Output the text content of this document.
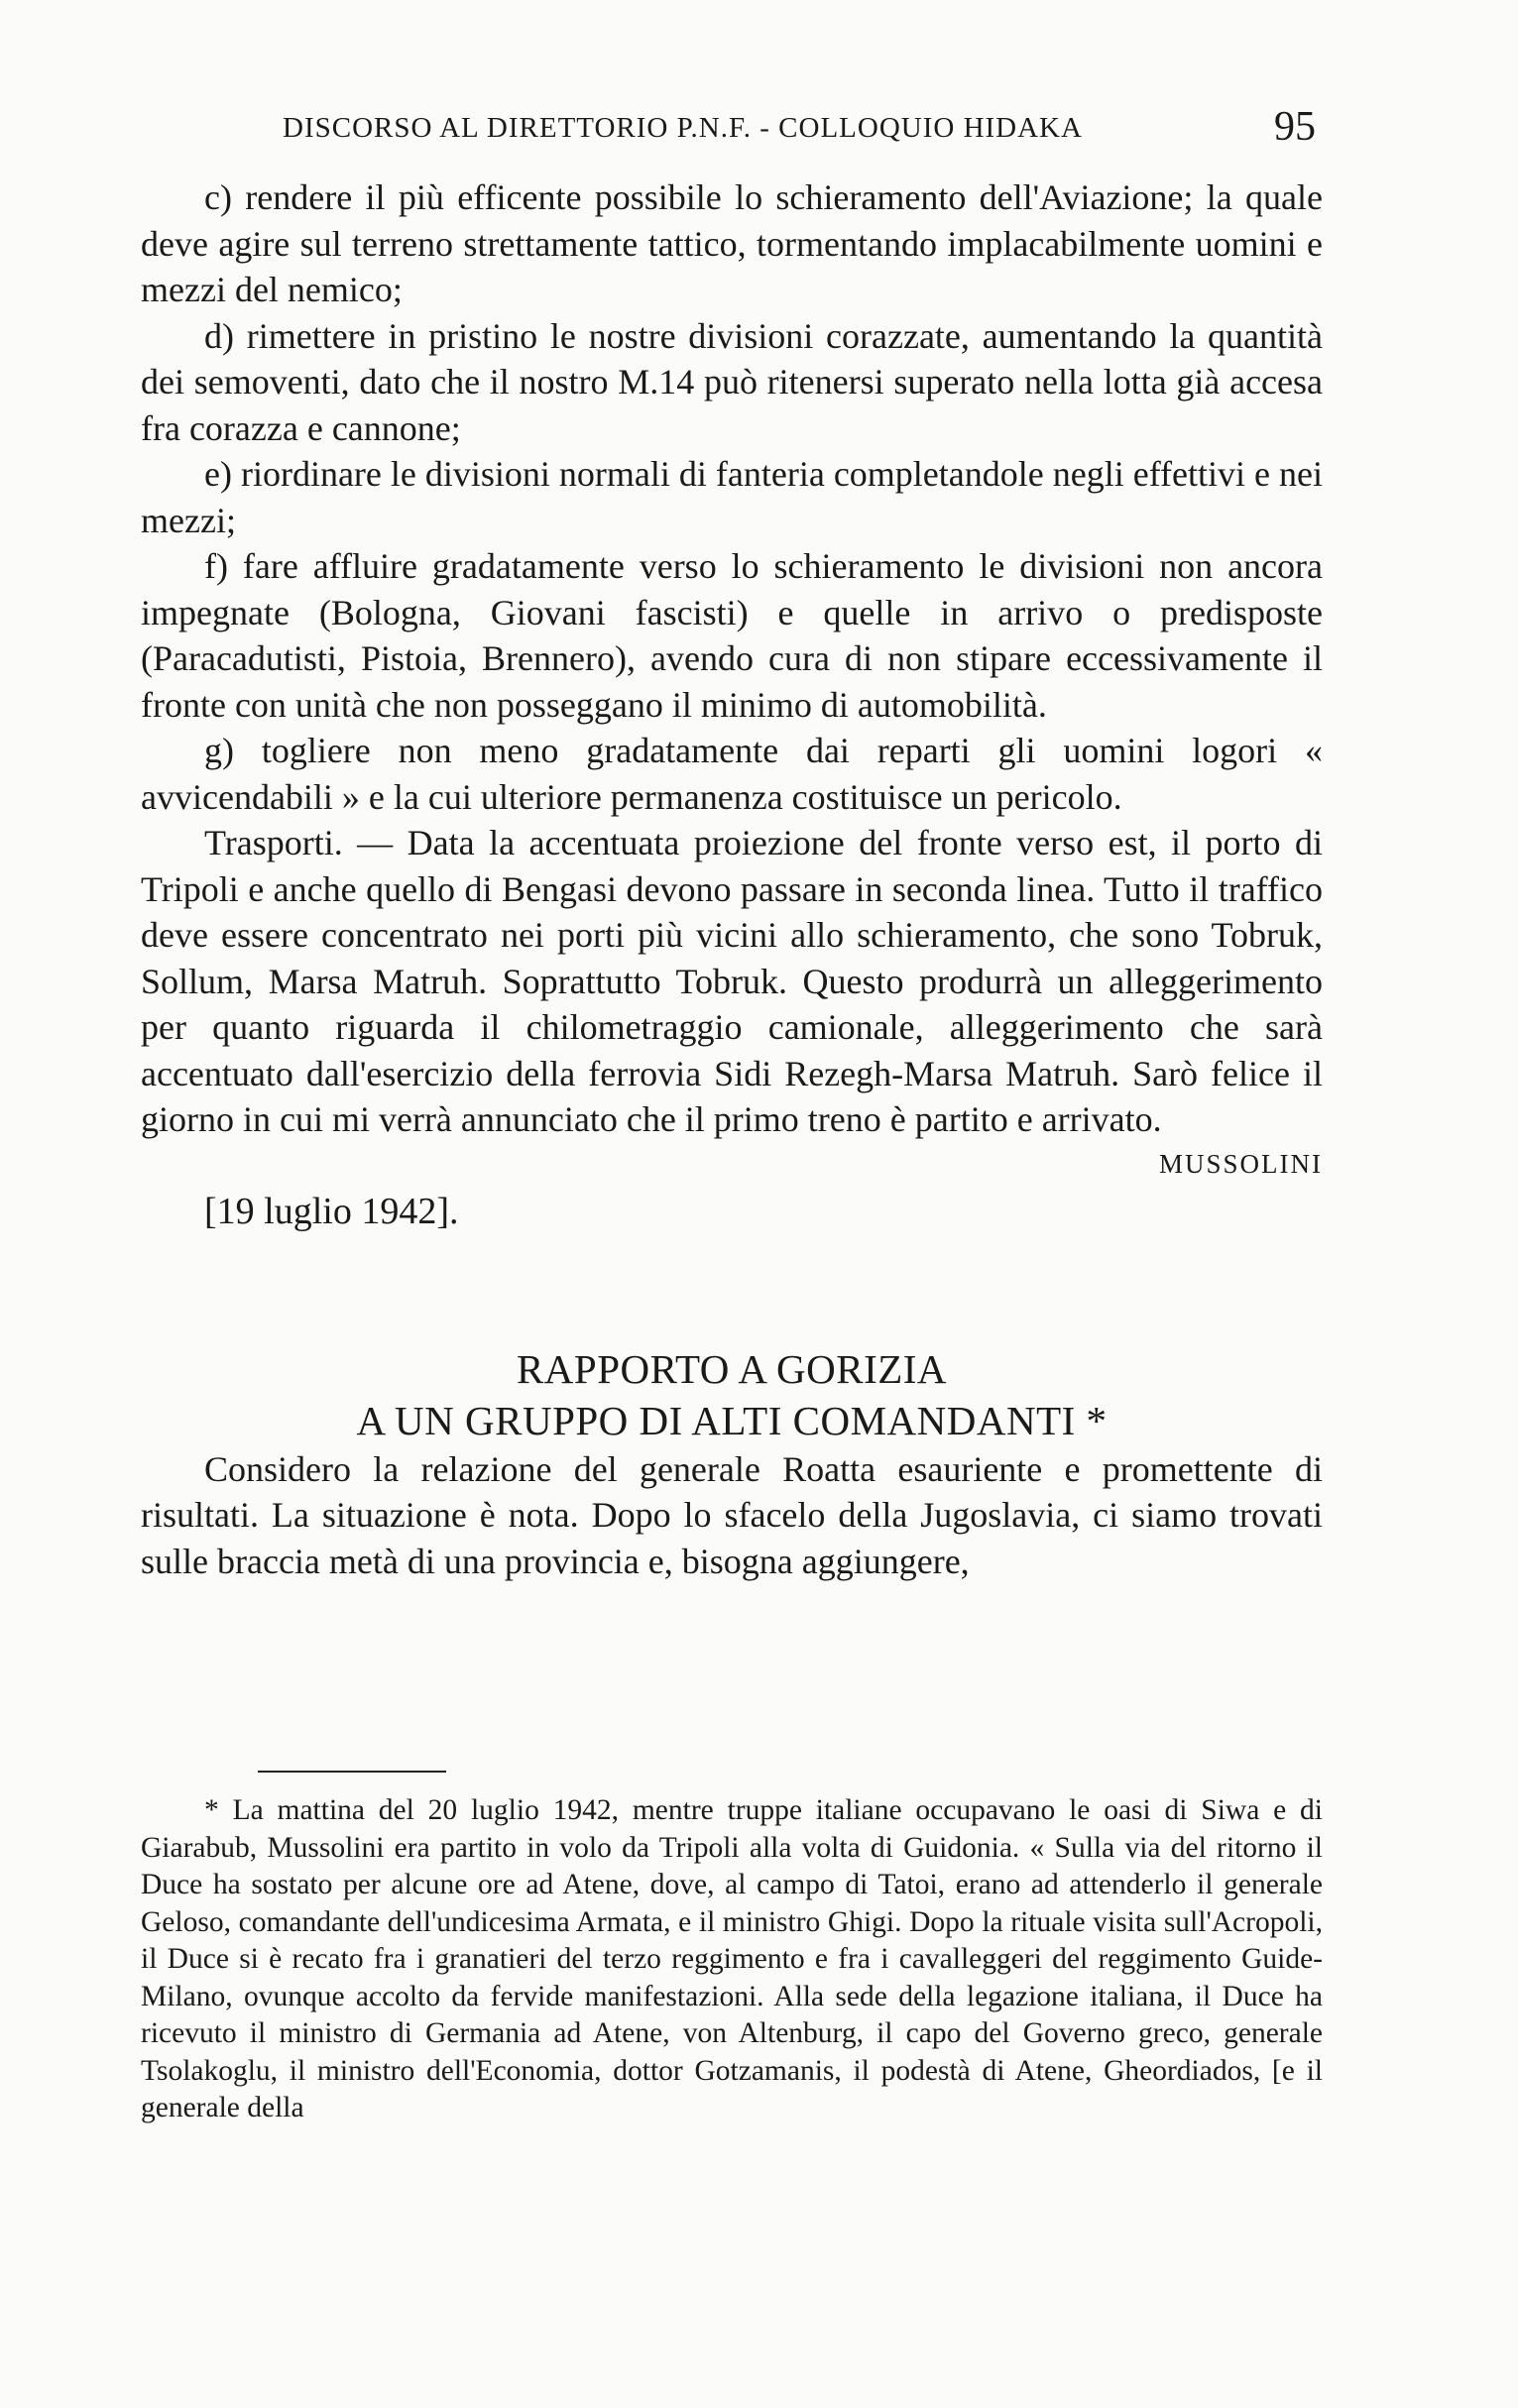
DISCORSO AL DIRETTORIO P.N.F. - COLLOQUIO HIDAKA	95

c) rendere il più efficente possibile lo schieramento dell'Aviazione; la quale deve agire sul terreno strettamente tattico, tormentando implacabilmente uomini e mezzi del nemico;

d) rimettere in pristino le nostre divisioni corazzate, aumentando la quantità dei semoventi, dato che il nostro M.14 può ritenersi superato nella lotta già accesa fra corazza e cannone;

e) riordinare le divisioni normali di fanteria completandole negli effettivi e nei mezzi;

f) fare affluire gradatamente verso lo schieramento le divisioni non ancora impegnate (Bologna, Giovani fascisti) e quelle in arrivo o predisposte (Paracadutisti, Pistoia, Brennero), avendo cura di non stipare eccessivamente il fronte con unità che non posseggano il minimo di automobilità.

g) togliere non meno gradatamente dai reparti gli uomini logori « avvicendabili » e la cui ulteriore permanenza costituisce un pericolo.

Trasporti. — Data la accentuata proiezione del fronte verso est, il porto di Tripoli e anche quello di Bengasi devono passare in seconda linea. Tutto il traffico deve essere concentrato nei porti più vicini allo schieramento, che sono Tobruk, Sollum, Marsa Matruh. Soprattutto Tobruk. Questo produrrà un alleggerimento per quanto riguarda il chilometraggio camionale, alleggerimento che sarà accentuato dall'esercizio della ferrovia Sidi Rezegh-Marsa Matruh. Sarò felice il giorno in cui mi verrà annunciato che il primo treno è partito e arrivato.

MUSSOLINI
[19 luglio 1942].
RAPPORTO A GORIZIA
A UN GRUPPO DI ALTI COMANDANTI *

Considero la relazione del generale Roatta esauriente e promettente di risultati. La situazione è nota. Dopo lo sfacelo della Jugoslavia, ci siamo trovati sulle braccia metà di una provincia e, bisogna aggiungere,

* La mattina del 20 luglio 1942, mentre truppe italiane occupavano le oasi di Siwa e di Giarabub, Mussolini era partito in volo da Tripoli alla volta di Guidonia. « Sulla via del ritorno il Duce ha sostato per alcune ore ad Atene, dove, al campo di Tatoi, erano ad attenderlo il generale Geloso, comandante dell'undicesima Armata, e il ministro Ghigi. Dopo la rituale visita sull'Acropoli, il Duce si è recato fra i granatieri del terzo reggimento e fra i cavalleggeri del reggimento Guide-Milano, ovunque accolto da fervide manifestazioni. Alla sede della legazione italiana, il Duce ha ricevuto il ministro di Germania ad Atene, von Altenburg, il capo del Governo greco, generale Tsolakoglu, il ministro dell'Economia, dottor Gotzamanis, il podestà di Atene, Gheordiados, [e il generale della
